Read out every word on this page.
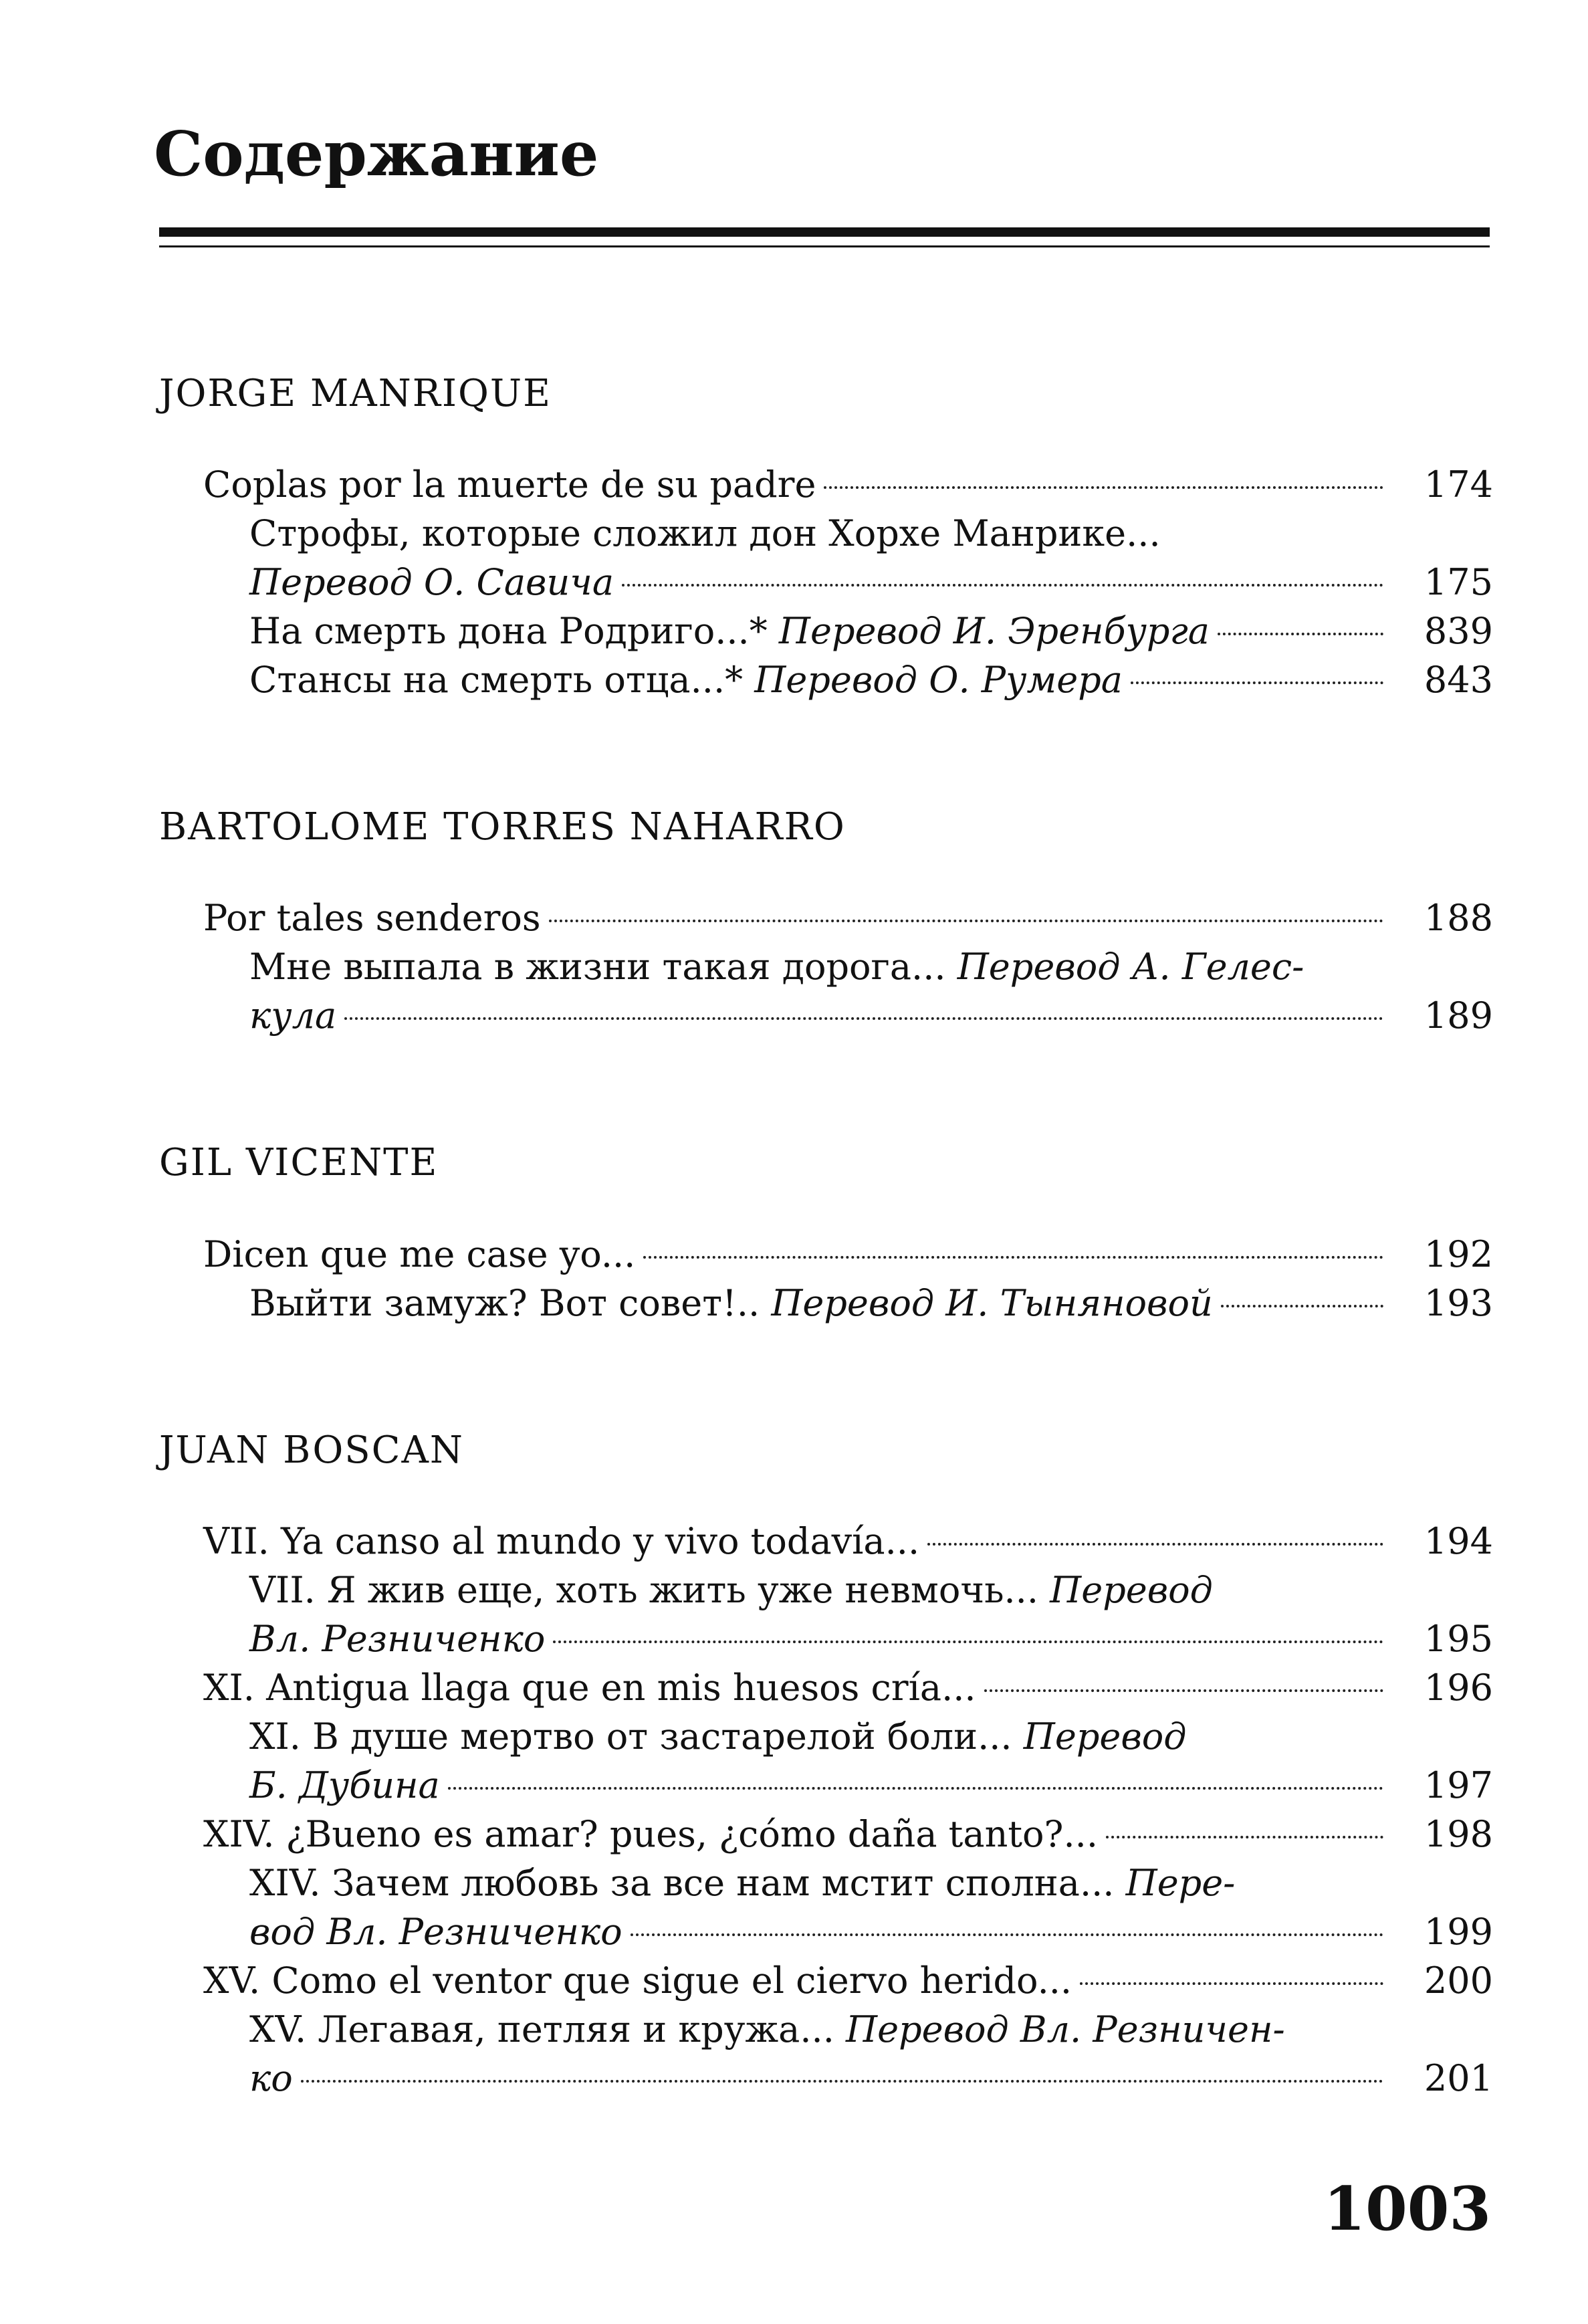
Содержание
JORGE MANRIQUE
Coplas por la muerte de su padre	174
Строфы, которые сложил дон Хорхе Манрике...
Перевод О. Савича	175
На смерть дона Родриго...* Перевод И. Эренбурга	839
Стансы на смерть отца...* Перевод О. Румера	843
BARTOLOME TORRES NAHARRO
Por tales senderos	188
Мне выпала в жизни такая дорога... Перевод А. Гелес-
кула	189
GIL VICENTE
Dicen que me case yo...	192
Выйти замуж? Вот совет!.. Перевод И. Тыняновой	193
JUAN BOSCAN
VII. Ya canso al mundo y vivo todavía...	194
VII. Я жив еще, хоть жить уже невмочь... Перевод
Вл. Резниченко	195
XI. Antigua llaga que en mis huesos cría...	196
XI. В душе мертво от застарелой боли... Перевод
Б. Дубина	197
XIV. ¿Bueno es amar? pues, ¿cómo daña tanto?...	198
XIV. Зачем любовь за все нам мстит сполна... Пере-
вод Вл. Резниченко	199
XV. Como el ventor que sigue el ciervo herido...	200
XV. Легавая, петляя и кружа... Перевод Вл. Резничен-
ко	201

1003
